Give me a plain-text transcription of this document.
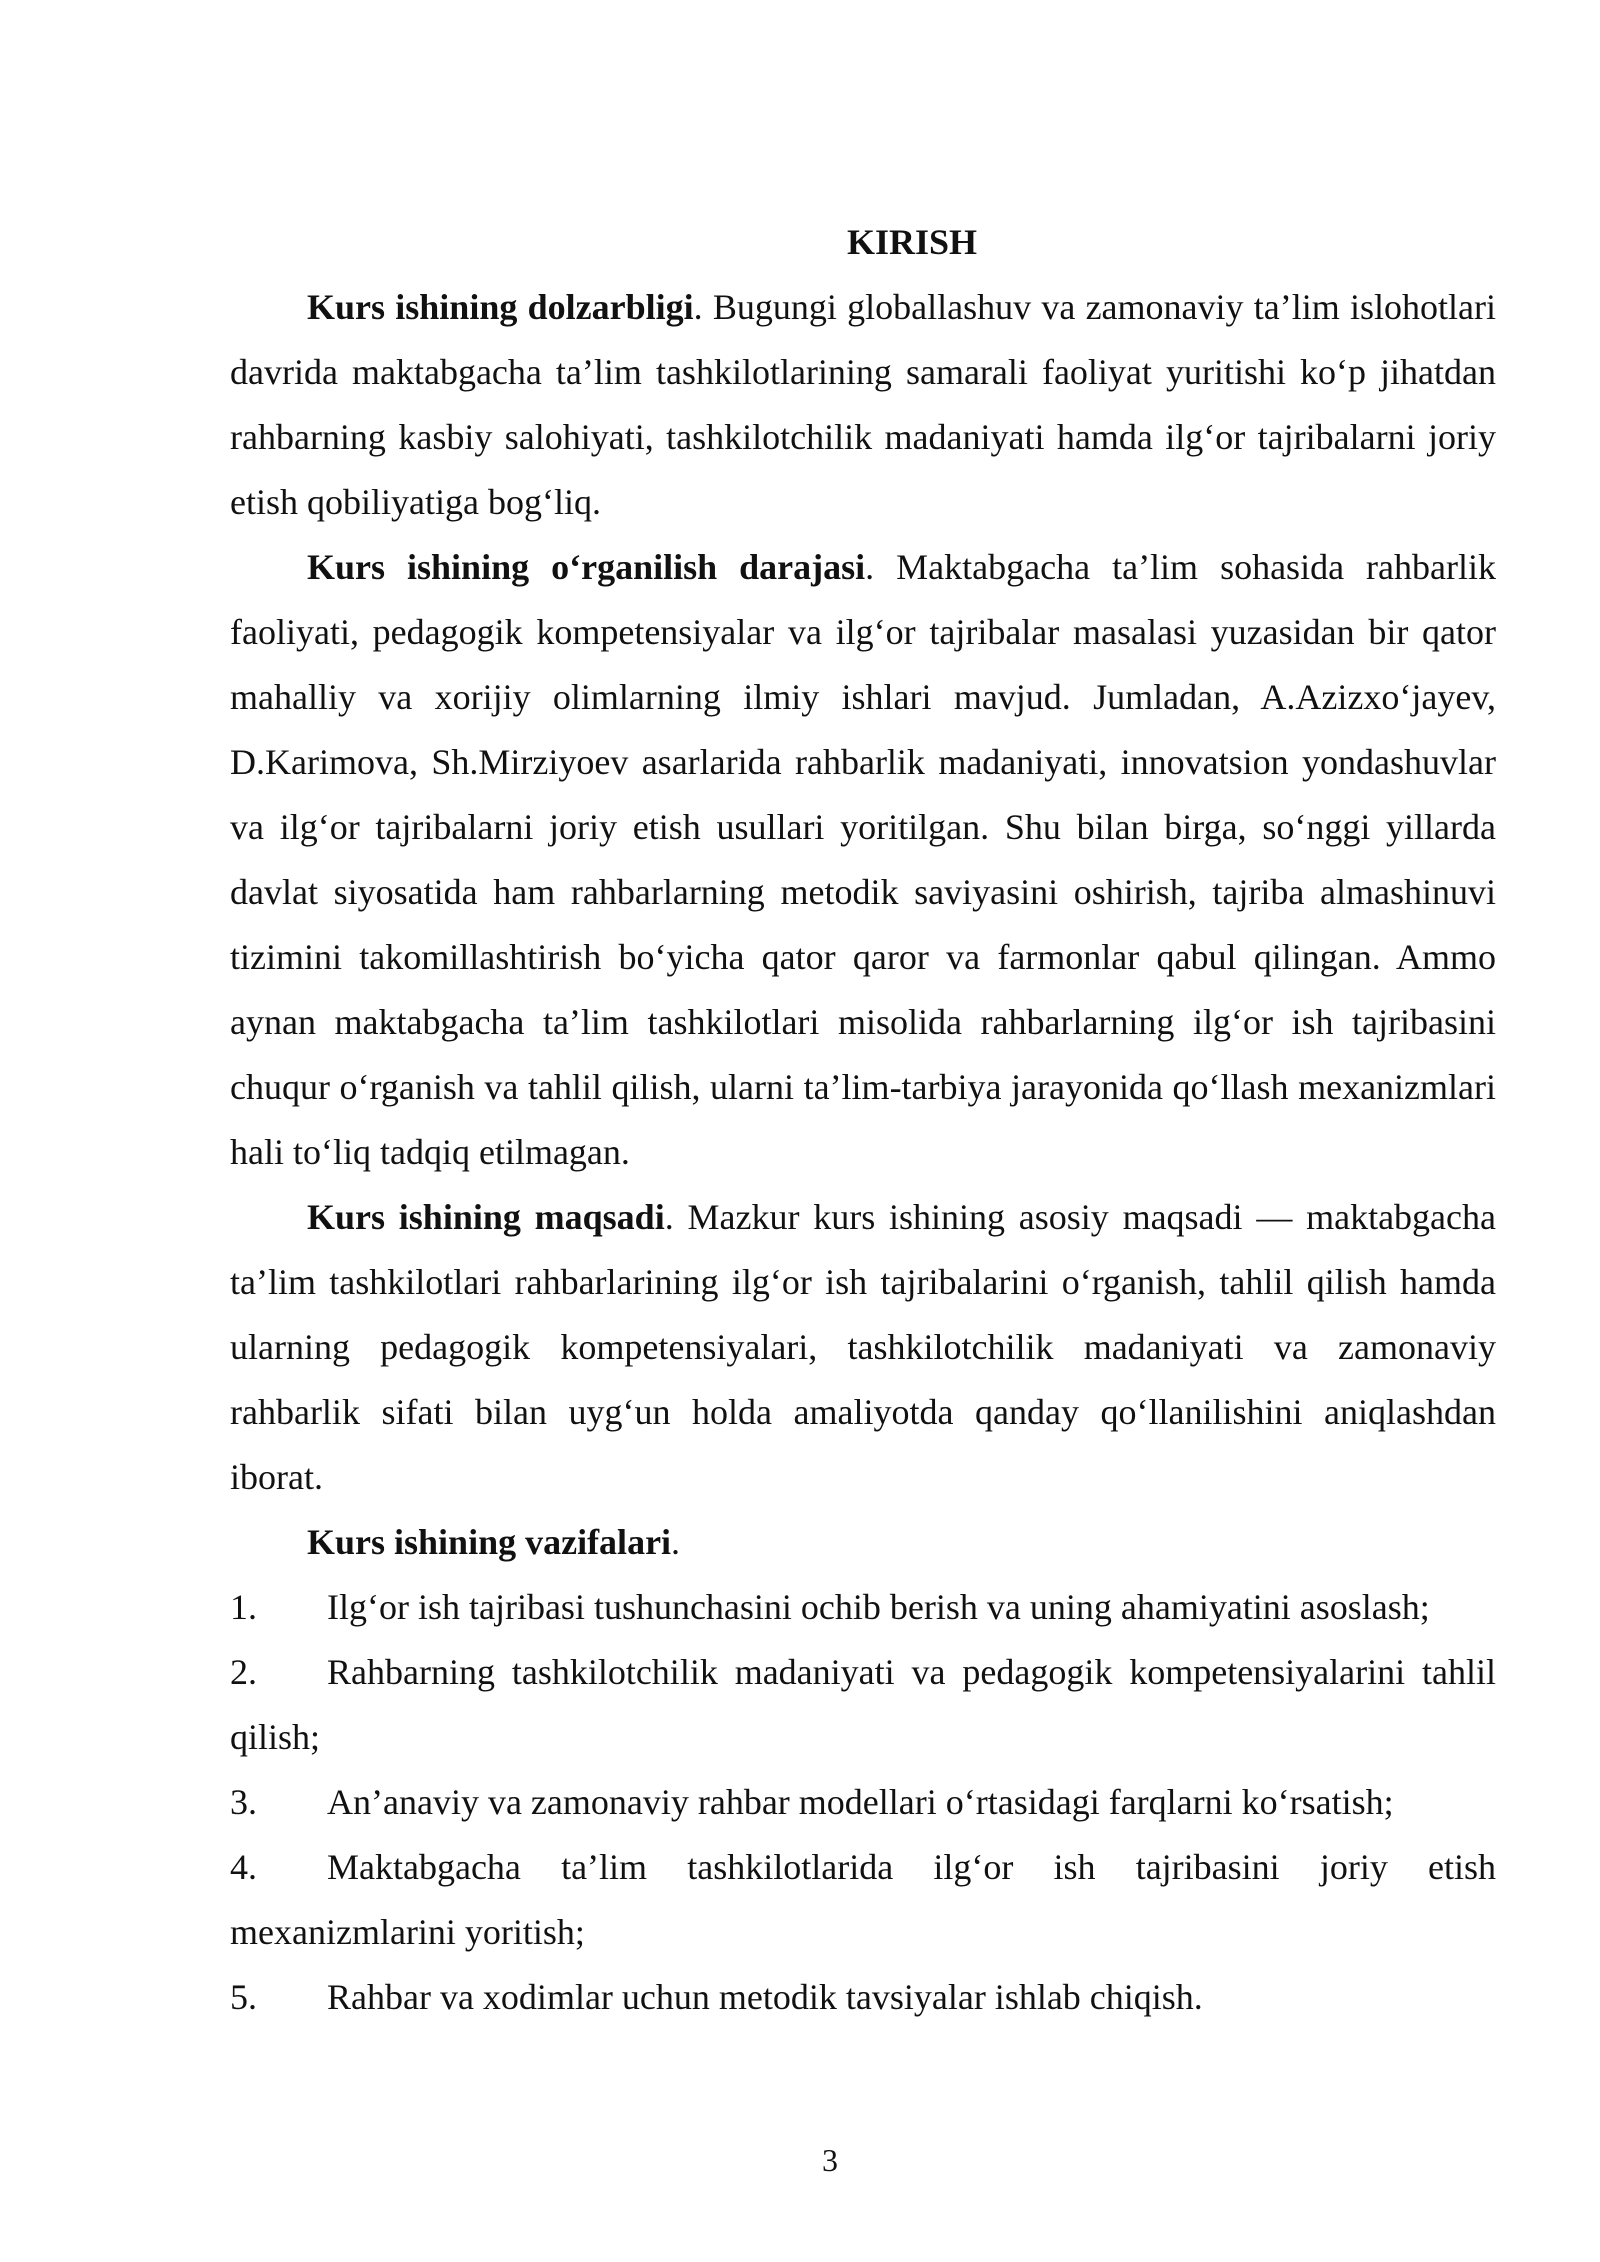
KIRISH

Kurs ishining dolzarbligi. Bugungi globallashuv va zamonaviy ta’lim islohotlari davrida maktabgacha ta’lim tashkilotlarining samarali faoliyat yuritishi ko‘p jihatdan rahbarning kasbiy salohiyati, tashkilotchilik madaniyati hamda ilg‘or tajribalarni joriy etish qobiliyatiga bog‘liq.

Kurs ishining o‘rganilish darajasi. Maktabgacha ta’lim sohasida rahbarlik faoliyati, pedagogik kompetensiyalar va ilg‘or tajribalar masalasi yuzasidan bir qator mahalliy va xorijiy olimlarning ilmiy ishlari mavjud. Jumladan, A.Azizxo‘jayev, D.Karimova, Sh.Mirziyoev asarlarida rahbarlik madaniyati, innovatsion yondashuvlar va ilg‘or tajribalarni joriy etish usullari yoritilgan. Shu bilan birga, so‘nggi yillarda davlat siyosatida ham rahbarlarning metodik saviyasini oshirish, tajriba almashinuvi tizimini takomillashtirish bo‘yicha qator qaror va farmonlar qabul qilingan. Ammo aynan maktabgacha ta’lim tashkilotlari misolida rahbarlarning ilg‘or ish tajribasini chuqur o‘rganish va tahlil qilish, ularni ta’lim-tarbiya jarayonida qo‘llash mexanizmlari hali to‘liq tadqiq etilmagan.

Kurs ishining maqsadi. Mazkur kurs ishining asosiy maqsadi — maktabgacha ta’lim tashkilotlari rahbarlarining ilg‘or ish tajribalarini o‘rganish, tahlil qilish hamda ularning pedagogik kompetensiyalari, tashkilotchilik madaniyati va zamonaviy rahbarlik sifati bilan uyg‘un holda amaliyotda qanday qo‘llanilishini aniqlashdan iborat.

Kurs ishining vazifalari.

1. Ilg‘or ish tajribasi tushunchasini ochib berish va uning ahamiyatini asoslash;

2. Rahbarning tashkilotchilik madaniyati va pedagogik kompetensiyalarini tahlil qilish;

3. An’anaviy va zamonaviy rahbar modellari o‘rtasidagi farqlarni ko‘rsatish;

4. Maktabgacha ta’lim tashkilotlarida ilg‘or ish tajribasini joriy etish mexanizmlarini yoritish;

5. Rahbar va xodimlar uchun metodik tavsiyalar ishlab chiqish.

3
